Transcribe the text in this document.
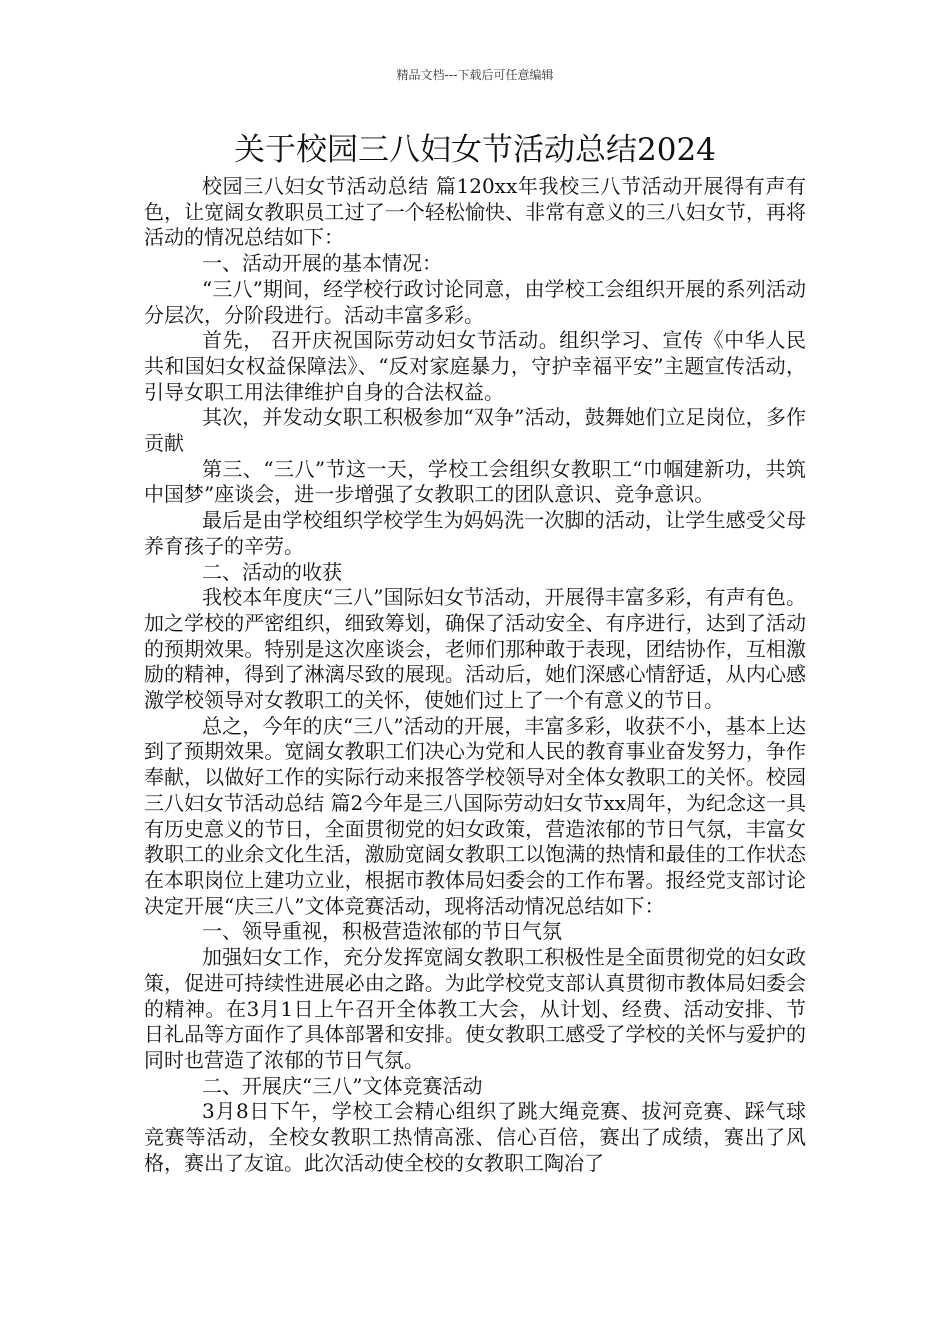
精品文档---下载后可任意编辑
关于校园三八妇女节活动总结2024

校园三八妇女节活动总结 篇120xx年我校三八节活动开展得有声有色，让宽阔女教职员工过了一个轻松愉快、非常有意义的三八妇女节，再将活动的情况总结如下：

一、活动开展的基本情况：

“三八”期间，经学校行政讨论同意，由学校工会组织开展的系列活动分层次，分阶段进行。活动丰富多彩。

首先， 召开庆祝国际劳动妇女节活动。组织学习、宣传《中华人民共和国妇女权益保障法》、“反对家庭暴力，守护幸福平安”主题宣传活动，引导女职工用法律维护自身的合法权益。

其次，并发动女职工积极参加“双争”活动，鼓舞她们立足岗位，多作贡献

第三、“三八”节这一天，学校工会组织女教职工“巾帼建新功，共筑中国梦”座谈会，进一步增强了女教职工的团队意识、竞争意识。

最后是由学校组织学校学生为妈妈洗一次脚的活动，让学生感受父母养育孩子的辛劳。

二、活动的收获

我校本年度庆“三八”国际妇女节活动，开展得丰富多彩，有声有色。加之学校的严密组织，细致筹划，确保了活动安全、有序进行，达到了活动的预期效果。特别是这次座谈会，老师们那种敢于表现，团结协作，互相激励的精神，得到了淋漓尽致的展现。活动后，她们深感心情舒适，从内心感激学校领导对女教职工的关怀，使她们过上了一个有意义的节日。

总之，今年的庆“三八”活动的开展，丰富多彩，收获不小，基本上达到了预期效果。宽阔女教职工们决心为党和人民的教育事业奋发努力，争作奉献，以做好工作的实际行动来报答学校领导对全体女教职工的关怀。校园三八妇女节活动总结 篇2今年是三八国际劳动妇女节xx周年，为纪念这一具有历史意义的节日，全面贯彻党的妇女政策，营造浓郁的节日气氛，丰富女教职工的业余文化生活，激励宽阔女教职工以饱满的热情和最佳的工作状态在本职岗位上建功立业，根据市教体局妇委会的工作布署。报经党支部讨论决定开展“庆三八”文体竞赛活动，现将活动情况总结如下：

一、领导重视，积极营造浓郁的节日气氛

加强妇女工作，充分发挥宽阔女教职工积极性是全面贯彻党的妇女政策，促进可持续性进展必由之路。为此学校党支部认真贯彻市教体局妇委会的精神。在3月1日上午召开全体教工大会，从计划、经费、活动安排、节日礼品等方面作了具体部署和安排。使女教职工感受了学校的关怀与爱护的同时也营造了浓郁的节日气氛。

二、开展庆“三八”文体竞赛活动

3月8日下午，学校工会精心组织了跳大绳竞赛、拔河竞赛、踩气球竞赛等活动，全校女教职工热情高涨、信心百倍，赛出了成绩，赛出了风格，赛出了友谊。此次活动使全校的女教职工陶冶了
